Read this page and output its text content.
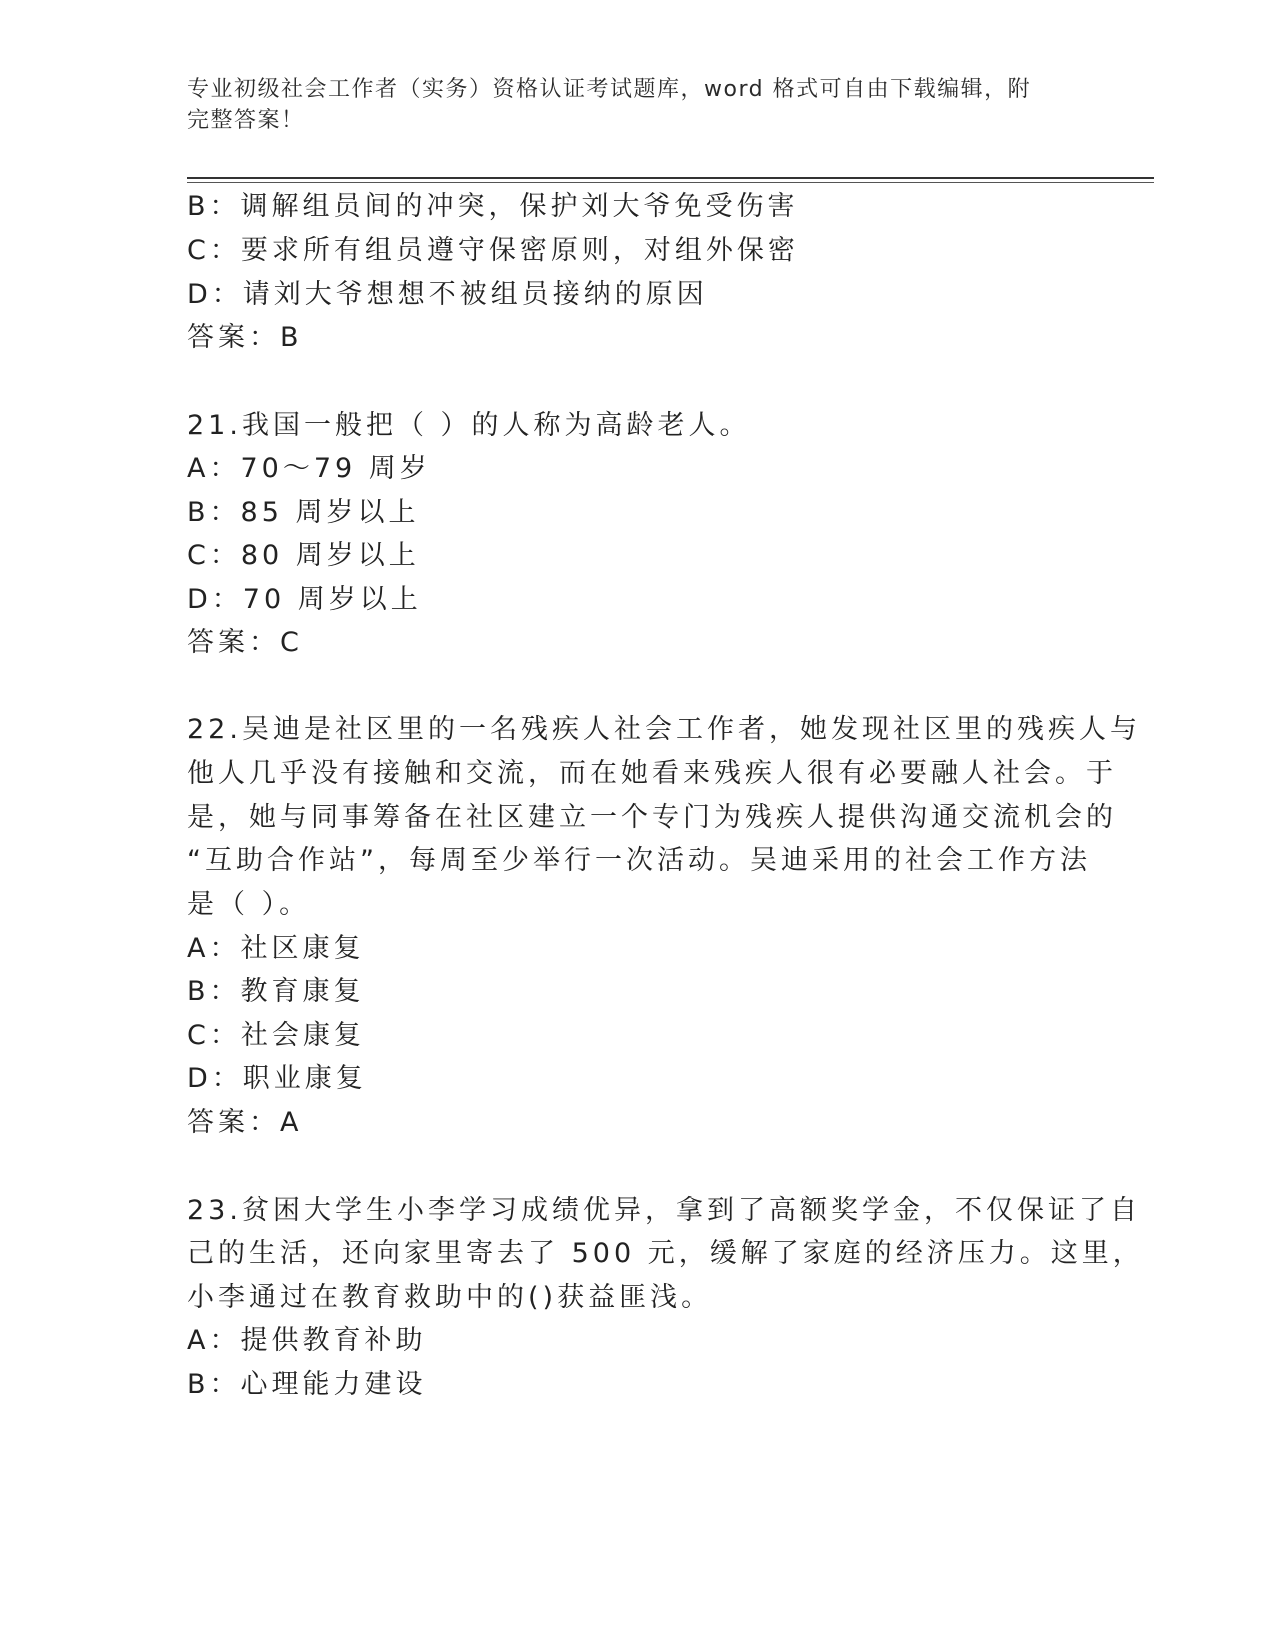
专业初级社会工作者（实务）资格认证考试题库，word 格式可自由下载编辑，附
完整答案！
B：调解组员间的冲突，保护刘大爷免受伤害
C：要求所有组员遵守保密原则，对组外保密
D：请刘大爷想想不被组员接纳的原因
答案：B
21.我国一般把（ ）的人称为高龄老人。
A：70～79 周岁
B：85 周岁以上
C：80 周岁以上
D：70 周岁以上
答案：C
22.吴迪是社区里的一名残疾人社会工作者，她发现社区里的残疾人与
他人几乎没有接触和交流，而在她看来残疾人很有必要融人社会。于
是，她与同事筹备在社区建立一个专门为残疾人提供沟通交流机会的
“互助合作站”，每周至少举行一次活动。吴迪采用的社会工作方法
是（ ）。
A：社区康复
B：教育康复
C：社会康复
D：职业康复
答案：A
23.贫困大学生小李学习成绩优异，拿到了高额奖学金，不仅保证了自
己的生活，还向家里寄去了 500 元，缓解了家庭的经济压力。这里，
小李通过在教育救助中的()获益匪浅。
A：提供教育补助
B：心理能力建设
